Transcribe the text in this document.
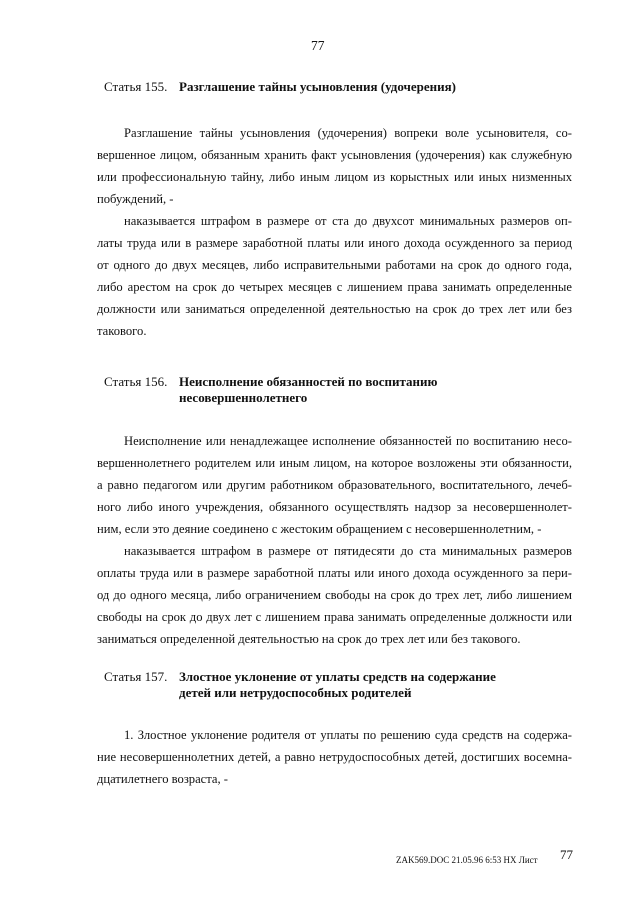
77
Статья 155. Разглашение тайны усыновления (удочерения)
Разглашение тайны усыновления (удочерения) вопреки воле усыновителя, со-
вершенное лицом, обязанным хранить факт усыновления (удочерения) как служебную
или профессиональную тайну, либо иным лицом из корыстных или иных низменных
побуждений, -
наказывается штрафом в размере от ста до двухсот минимальных размеров оп-
латы труда или в размере заработной платы или иного дохода осужденного за период
от одного до двух месяцев, либо исправительными работами на срок до одного года,
либо арестом на срок до четырех месяцев с лишением права занимать определенные
должности или заниматься определенной деятельностью на срок до трех лет или без
такового.
Статья 156. Неисполнение обязанностей по воспитанию
несовершеннолетнего
Неисполнение или ненадлежащее исполнение обязанностей по воспитанию несо-
вершеннолетнего родителем или иным лицом, на которое возложены эти обязанности,
а равно педагогом или другим работником образовательного, воспитательного, лечеб-
ного либо иного учреждения, обязанного осуществлять надзор за несовершеннолет-
ним, если это деяние соединено с жестоким обращением с несовершеннолетним, -
наказывается штрафом в размере от пятидесяти до ста минимальных размеров
оплаты труда или в размере заработной платы или иного дохода осужденного за пери-
од до одного месяца, либо ограничением свободы на срок до трех лет, либо лишением
свободы на срок до двух лет с лишением права занимать определенные должности или
заниматься определенной деятельностью на срок до трех лет или без такового.
Статья 157. Злостное уклонение от уплаты средств на содержание
детей или нетрудоспособных родителей
1. Злостное уклонение родителя от уплаты по решению суда средств на содержа-
ние несовершеннолетних детей, а равно нетрудоспособных детей, достигших восемна-
дцатилетнего возраста, -
ZAK569.DOC 21.05.96 6:53 HX Лист 77
